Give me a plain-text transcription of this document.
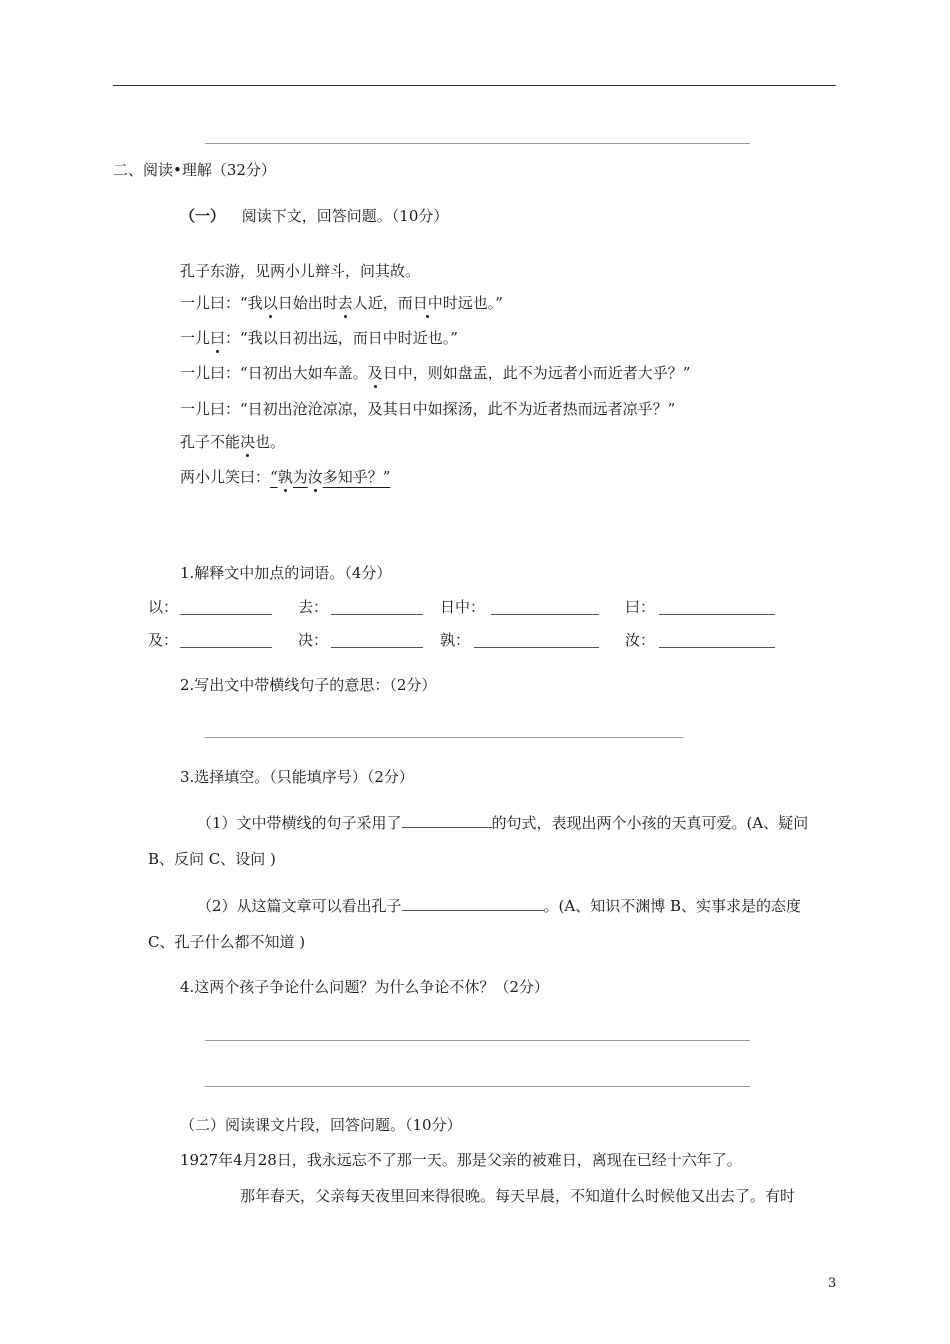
二、阅读•理解（32分）
（一） 阅读下文，回答问题。（10分）
孔子东游，见两小儿辩斗，问其故。
一儿曰：“我以日始出时去人近，而日中时远也。”
一儿曰：“我以日初出远，而日中时近也。”
一儿曰：“日初出大如车盖。及日中，则如盘盂，此不为远者小而近者大乎？”
一儿曰：“日初出沧沧凉凉，及其日中如探汤，此不为近者热而远者凉乎？”
孔子不能决也。
两小儿笑曰：“孰为汝多知乎？”
1.解释文中加点的词语。（4分）
以：	去：	日中：	曰：
及：	决：	孰：	汝：
2.写出文中带横线句子的意思：（2分）
3.选择填空。（只能填序号）（2分）
（1）文中带横线的句子采用了	的句式，表现出两个小孩的天真可爱。(A、疑问
B、反问 C、设问 )
（2）从这篇文章可以看出孔子	。(A、知识不渊博 B、实事求是的态度
C、孔子什么都不知道 )
4.这两个孩子争论什么问题？为什么争论不休？（2分）
（二）阅读课文片段，回答问题。（10分）
1927年4月28日，我永远忘不了那一天。那是父亲的被难日，离现在已经十六年了。
那年春天，父亲每天夜里回来得很晚。每天早晨，不知道什么时候他又出去了。有时
3
